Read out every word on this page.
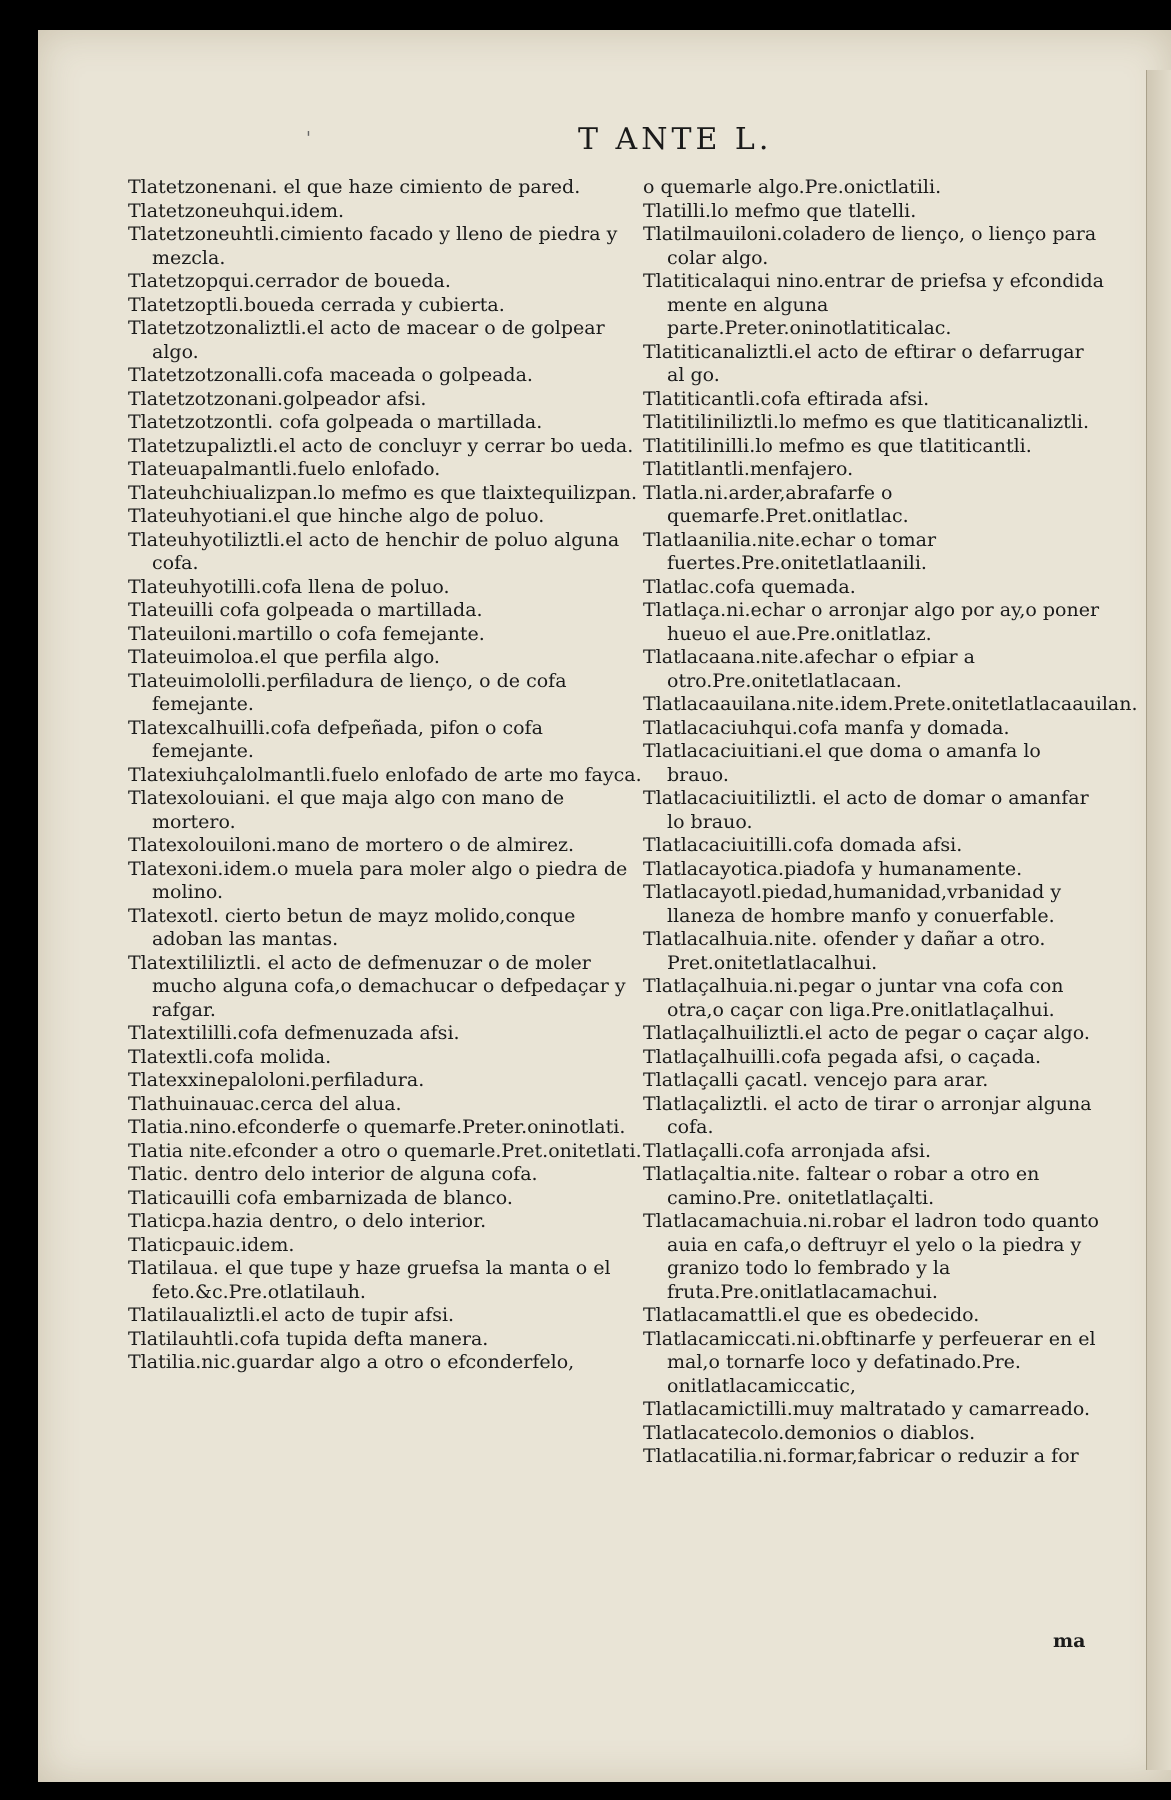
'	T ANTE L.

Tlatetzonenani. el que haze cimiento de pared.

Tlatetzoneuhqui.idem.

Tlatetzoneuhtli.cimiento facado y lleno de piedra y mezcla.

Tlatetzopqui.cerrador de boueda.

Tlatetzoptli.boueda cerrada y cubierta.

Tlatetzotzonaliztli.el acto de macear o de golpear algo.

Tlatetzotzonalli.cofa maceada o golpeada.

Tlatetzotzonani.golpeador afsi.

Tlatetzotzontli. cofa golpeada o martillada.

Tlatetzupaliztli.el acto de concluyr y cerrar bo ueda.

Tlateuapalmantli.fuelo enlofado.

Tlateuhchiualizpan.lo mefmo es que tlaixtequilizpan.

Tlateuhyotiani.el que hinche algo de poluo.

Tlateuhyotiliztli.el acto de henchir de poluo alguna cofa.

Tlateuhyotilli.cofa llena de poluo.

Tlateuilli cofa golpeada o martillada.

Tlateuiloni.martillo o cofa femejante.

Tlateuimoloa.el que perfila algo.

Tlateuimololli.perfiladura de lienço, o de cofa femejante.

Tlatexcalhuilli.cofa defpeñada, pifon o cofa femejante.

Tlatexiuhçalolmantli.fuelo enlofado de arte mo fayca.

Tlatexolouiani. el que maja algo con mano de mortero.

Tlatexolouiloni.mano de mortero o de almirez.

Tlatexoni.idem.o muela para moler algo o piedra de molino.

Tlatexotl. cierto betun de mayz molido,conque adoban las mantas.

Tlatextililiztli. el acto de defmenuzar o de moler mucho alguna cofa,o demachucar o defpedaçar y rafgar.

Tlatextililli.cofa defmenuzada afsi.

Tlatextli.cofa molida.

Tlatexxinepaloloni.perfiladura.

Tlathuinauac.cerca del alua.

Tlatia.nino.efconderfe o quemarfe.Preter.oninotlati.

Tlatia nite.efconder a otro o quemarle.Pret.onitetlati.

Tlatic. dentro delo interior de alguna cofa.

Tlaticauilli cofa embarnizada de blanco.

Tlaticpa.hazia dentro, o delo interior.

Tlaticpauic.idem.

Tlatilaua. el que tupe y haze gruefsa la manta o el feto.&c.Pre.otlatilauh.

Tlatilaualiztli.el acto de tupir afsi.

Tlatilauhtli.cofa tupida defta manera.

Tlatilia.nic.guardar algo a otro o efconderfelo,

o quemarle algo.Pre.onictlatili.

Tlatilli.lo mefmo que tlatelli.

Tlatilmauiloni.coladero de lienço, o lienço para colar algo.

Tlatiticalaqui nino.entrar de priefsa y efcondida mente en alguna parte.Preter.oninotlatiticalac.

Tlatiticanaliztli.el acto de eftirar o defarrugar al go.

Tlatiticantli.cofa eftirada afsi.

Tlatitiliniliztli.lo mefmo es que tlatiticanaliztli.

Tlatitilinilli.lo mefmo es que tlatiticantli.

Tlatitlantli.menfajero.

Tlatla.ni.arder,abrafarfe o quemarfe.Pret.onitlatlac.

Tlatlaanilia.nite.echar o tomar fuertes.Pre.onitetlatlaanili.

Tlatlac.cofa quemada.

Tlatlaça.ni.echar o arronjar algo por ay,o poner hueuo el aue.Pre.onitlatlaz.

Tlatlacaana.nite.afechar o efpiar a otro.Pre.onitetlatlacaan.

Tlatlacaauilana.nite.idem.Prete.onitetlatlacaauilan.

Tlatlacaciuhqui.cofa manfa y domada.

Tlatlacaciuitiani.el que doma o amanfa lo brauo.

Tlatlacaciuitiliztli. el acto de domar o amanfar lo brauo.

Tlatlacaciuitilli.cofa domada afsi.

Tlatlacayotica.piadofa y humanamente.

Tlatlacayotl.piedad,humanidad,vrbanidad y llaneza de hombre manfo y conuerfable.

Tlatlacalhuia.nite. ofender y dañar a otro. Pret.onitetlatlacalhui.

Tlatlaçalhuia.ni.pegar o juntar vna cofa con otra,o caçar con liga.Pre.onitlatlaçalhui.

Tlatlaçalhuiliztli.el acto de pegar o caçar algo.

Tlatlaçalhuilli.cofa pegada afsi, o caçada.

Tlatlaçalli çacatl. vencejo para arar.

Tlatlaçaliztli. el acto de tirar o arronjar alguna cofa.

Tlatlaçalli.cofa arronjada afsi.

Tlatlaçaltia.nite. faltear o robar a otro en camino.Pre. onitetlatlaçalti.

Tlatlacamachuia.ni.robar el ladron todo quanto auia en cafa,o deftruyr el yelo o la piedra y granizo todo lo fembrado y la fruta.Pre.onitlatlacamachui.

Tlatlacamattli.el que es obedecido.

Tlatlacamiccati.ni.obftinarfe y perfeuerar en el mal,o tornarfe loco y defatinado.Pre. onitlatlacamiccatic,

Tlatlacamictilli.muy maltratado y camarreado.

Tlatlacatecolo.demonios o diablos.

Tlatlacatilia.ni.formar,fabricar o reduzir a for

ma
